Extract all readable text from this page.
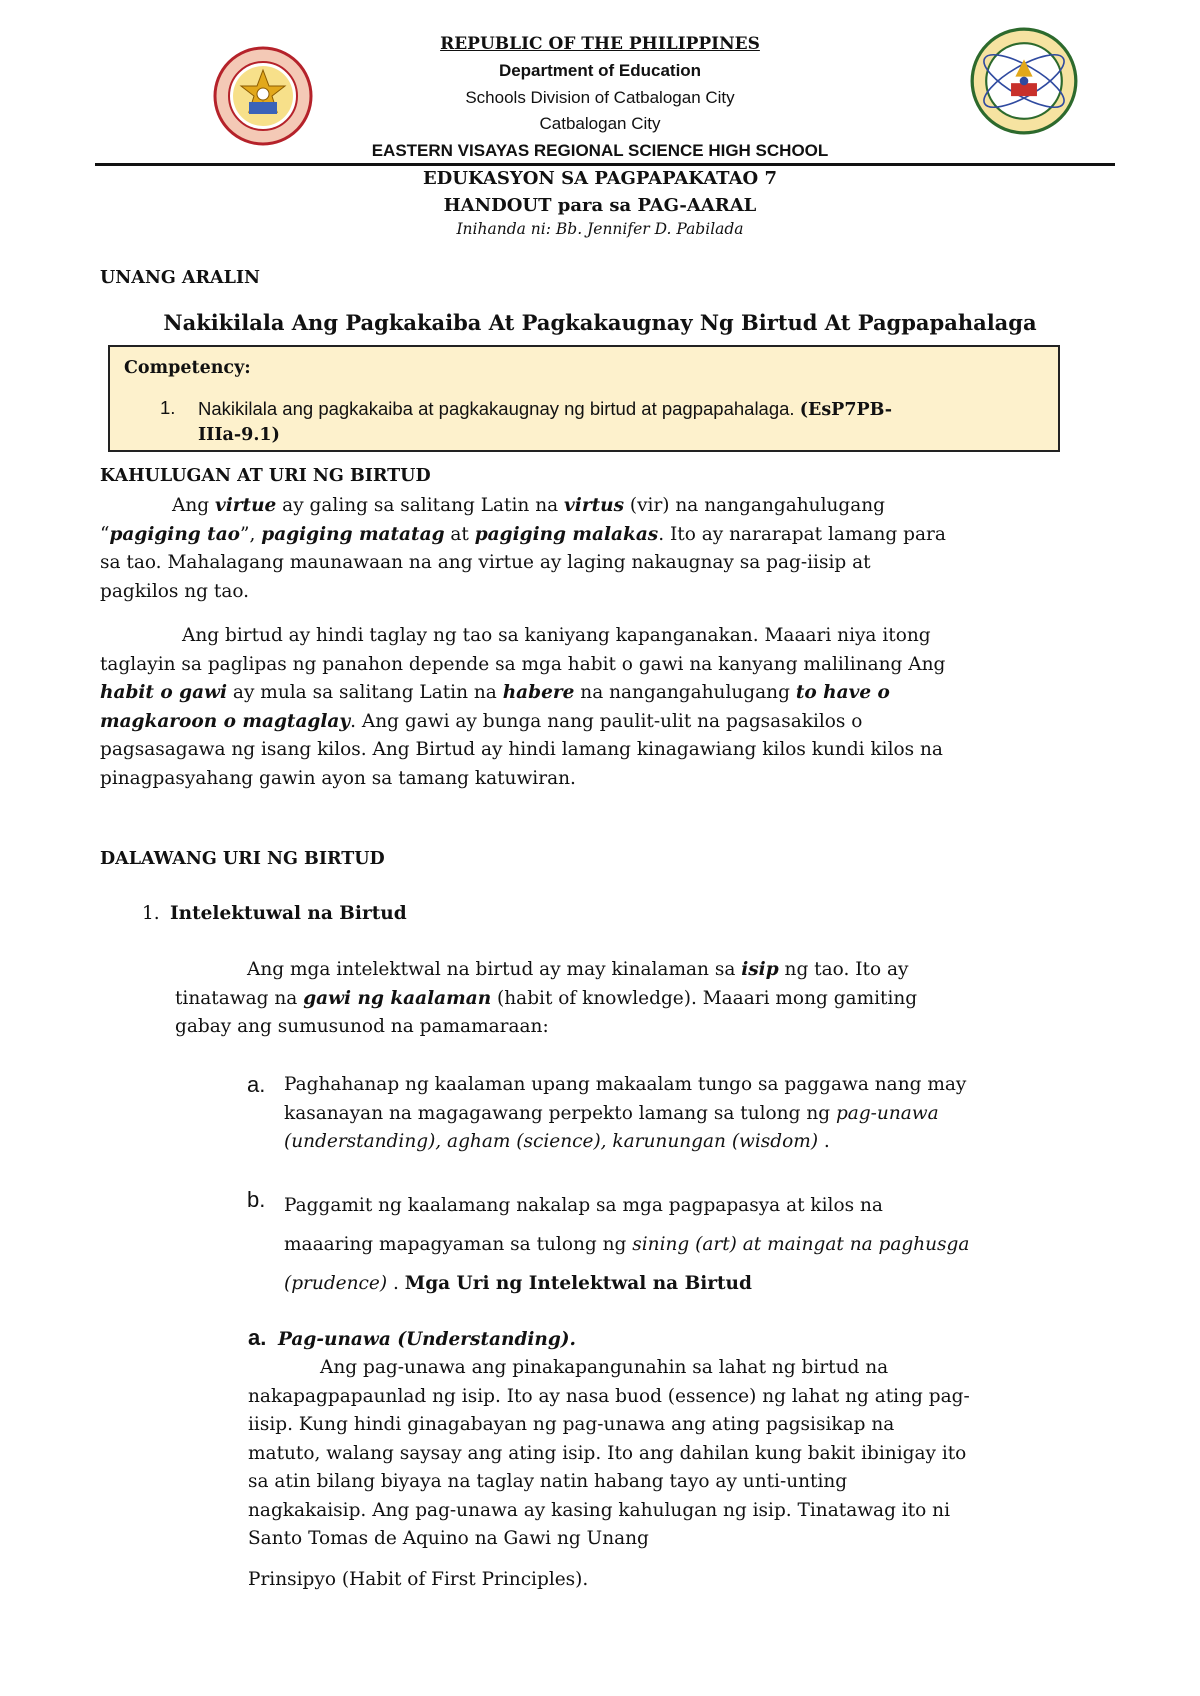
REPUBLIC OF THE PHILIPPINES
Department of Education
Schools Division of Catbalogan City
Catbalogan City
EASTERN VISAYAS REGIONAL SCIENCE HIGH SCHOOL
EDUKASYON SA PAGPAPAKATAO 7
HANDOUT para sa PAG-AARAL
Inihanda ni: Bb. Jennifer D. Pabilada
UNANG ARALIN
Nakikilala Ang Pagkakaiba At Pagkakaugnay Ng Birtud At Pagpapahalaga
Competency:
1. Nakikilala ang pagkakaiba at pagkakaugnay ng birtud at pagpapahalaga. (EsP7PB-
IIIa-9.1)
KAHULUGAN AT URI NG BIRTUD
Ang virtue ay galing sa salitang Latin na virtus (vir) na nangangahulugang
“pagiging tao”, pagiging matatag at pagiging malakas. Ito ay nararapat lamang para
sa tao. Mahalagang maunawaan na ang virtue ay laging nakaugnay sa pag-iisip at
pagkilos ng tao.
Ang birtud ay hindi taglay ng tao sa kaniyang kapanganakan. Maaari niya itong
taglayin sa paglipas ng panahon depende sa mga habit o gawi na kanyang malilinang Ang
habit o gawi ay mula sa salitang Latin na habere na nangangahulugang to have o
magkaroon o magtaglay. Ang gawi ay bunga nang paulit-ulit na pagsasakilos o
pagsasagawa ng isang kilos. Ang Birtud ay hindi lamang kinagawiang kilos kundi kilos na
pinagpasyahang gawin ayon sa tamang katuwiran.
DALAWANG URI NG BIRTUD
1. Intelektuwal na Birtud
Ang mga intelektwal na birtud ay may kinalaman sa isip ng tao. Ito ay
tinatawag na gawi ng kaalaman (habit of knowledge). Maaari mong gamiting
gabay ang sumusunod na pamamaraan:
a. Paghahanap ng kaalaman upang makaalam tungo sa paggawa nang may
kasanayan na magagawang perpekto lamang sa tulong ng pag-unawa
(understanding), agham (science), karunungan (wisdom) .
b. Paggamit ng kaalamang nakalap sa mga pagpapasya at kilos na
maaaring mapagyaman sa tulong ng sining (art) at maingat na paghusga
(prudence) . Mga Uri ng Intelektwal na Birtud
a. Pag-unawa (Understanding).
Ang pag-unawa ang pinakapangunahin sa lahat ng birtud na
nakapagpapaunlad ng isip. Ito ay nasa buod (essence) ng lahat ng ating pag-
iisip. Kung hindi ginagabayan ng pag-unawa ang ating pagsisikap na
matuto, walang saysay ang ating isip. Ito ang dahilan kung bakit ibinigay ito
sa atin bilang biyaya na taglay natin habang tayo ay unti-unting
nagkakaisip. Ang pag-unawa ay kasing kahulugan ng isip. Tinatawag ito ni
Santo Tomas de Aquino na Gawi ng Unang
Prinsipyo (Habit of First Principles).
